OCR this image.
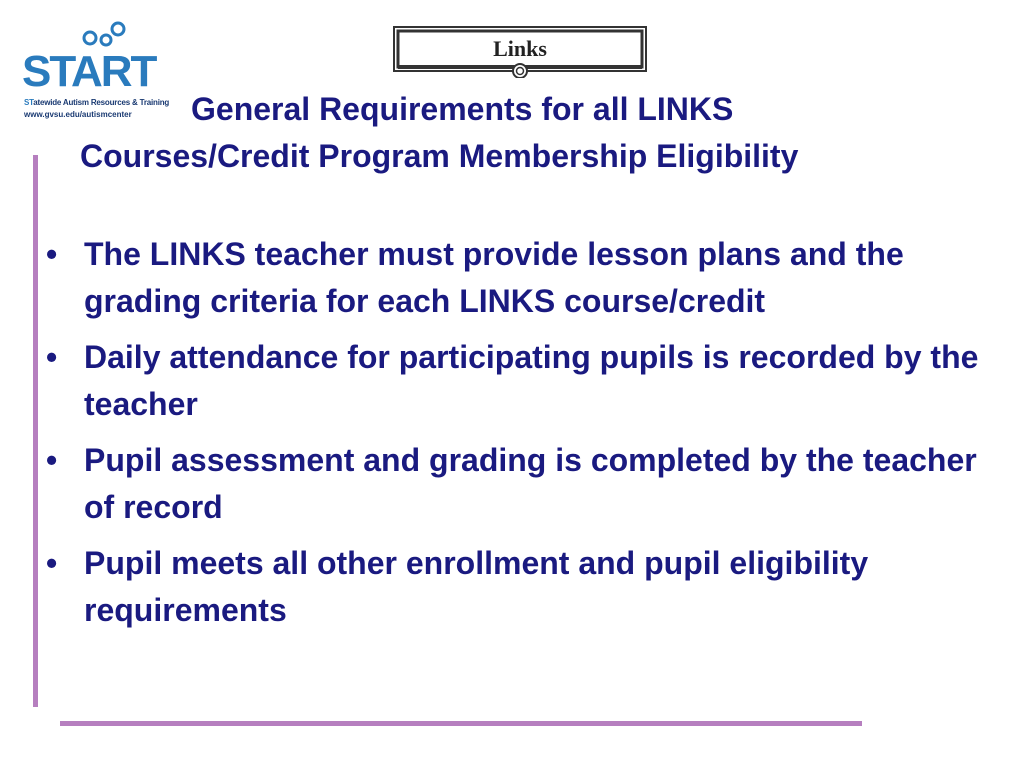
START
STatewide Autism Resources & Training
www.gvsu.edu/autismcenter
Links
General Requirements for all LINKS
Courses/Credit Program Membership Eligibility
• The LINKS teacher must provide lesson plans and the grading criteria for each LINKS course/credit
• Daily attendance for participating pupils is recorded by the teacher
• Pupil assessment and grading is completed by the teacher of record
• Pupil meets all other enrollment and pupil eligibility requirements
